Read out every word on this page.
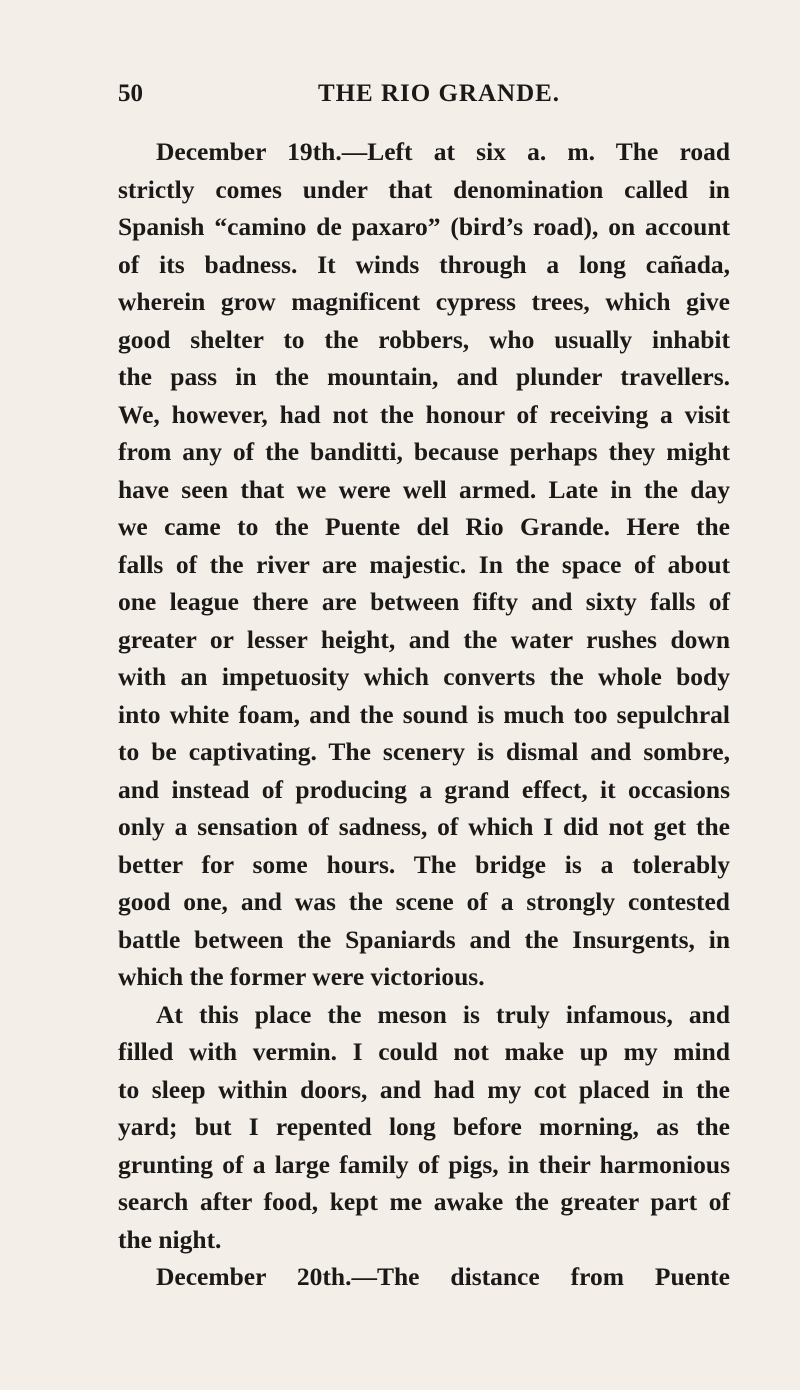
50	THE RIO GRANDE.
December 19th.—Left at six a. m. The road
strictly comes under that denomination called in
Spanish “camino de paxaro” (bird’s road), on account
of its badness. It winds through a long cañada,
wherein grow magnificent cypress trees, which give
good shelter to the robbers, who usually inhabit
the pass in the mountain, and plunder travellers.
We, however, had not the honour of receiving a visit
from any of the banditti, because perhaps they might
have seen that we were well armed. Late in the day
we came to the Puente del Rio Grande. Here the
falls of the river are majestic. In the space of about
one league there are between fifty and sixty falls of
greater or lesser height, and the water rushes down
with an impetuosity which converts the whole body
into white foam, and the sound is much too sepulchral
to be captivating. The scenery is dismal and sombre,
and instead of producing a grand effect, it occasions
only a sensation of sadness, of which I did not get the
better for some hours. The bridge is a tolerably
good one, and was the scene of a strongly contested
battle between the Spaniards and the Insurgents, in
which the former were victorious.
At this place the meson is truly infamous, and
filled with vermin. I could not make up my mind
to sleep within doors, and had my cot placed in the
yard; but I repented long before morning, as the
grunting of a large family of pigs, in their harmonious
search after food, kept me awake the greater part of
the night.
December 20th.—The distance from Puente
